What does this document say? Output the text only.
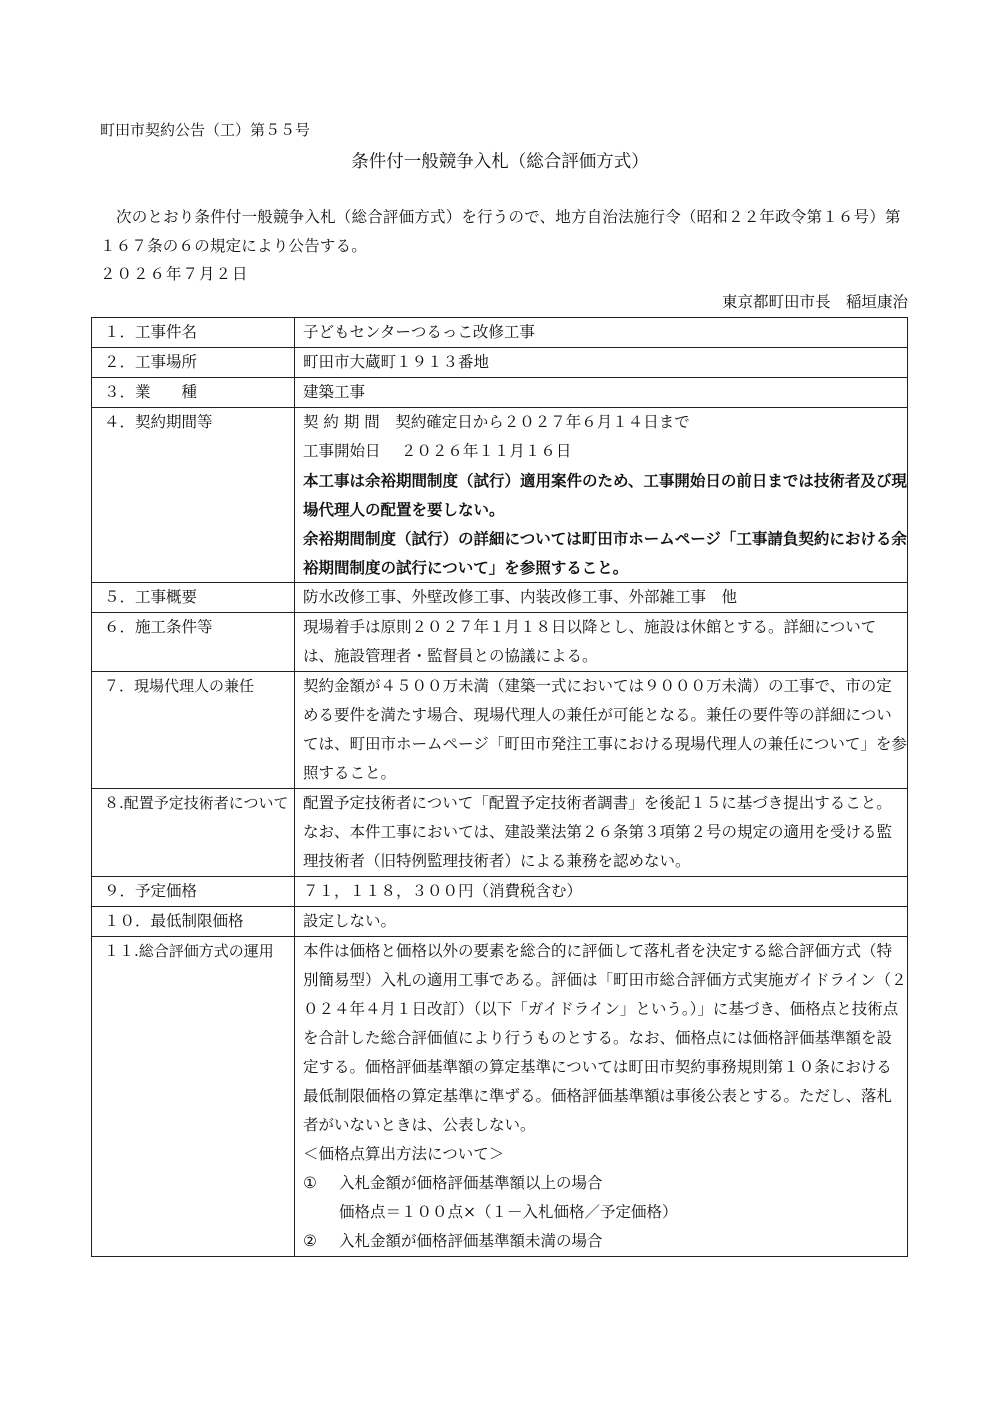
町田市契約公告（工）第５５号
条件付一般競争入札（総合評価方式）
次のとおり条件付一般競争入札（総合評価方式）を行うので、地方自治法施行令（昭和２２年政令第１６号）第１６７条の６の規定により公告する。
２０２６年７月２日
東京都町田市長　稲垣康治
１．工事件名	子どもセンターつるっこ改修工事
２．工事場所	町田市大蔵町１９１３番地
３．業　　種	建築工事
４．契約期間等	契 約 期 間　契約確定日から２０２７年６月１４日まで
工事開始日　 ２０２６年１１月１６日
本工事は余裕期間制度（試行）適用案件のため、工事開始日の前日までは技術者及び現場代理人の配置を要しない。
余裕期間制度（試行）の詳細については町田市ホームページ「工事請負契約における余裕期間制度の試行について」を参照すること。

５．工事概要	防水改修工事、外壁改修工事、内装改修工事、外部雑工事　他
６．施工条件等	現場着手は原則２０２７年１月１８日以降とし、施設は休館とする。詳細については、施設管理者・監督員との協議による。
７．現場代理人の兼任	契約金額が４５００万未満（建築一式においては９０００万未満）の工事で、市の定める要件を満たす場合、現場代理人の兼任が可能となる。兼任の要件等の詳細については、町田市ホームページ「町田市発注工事における現場代理人の兼任について」を参照すること。
８.配置予定技術者について	配置予定技術者について「配置予定技術者調書」を後記１５に基づき提出すること。
なお、本件工事においては、建設業法第２６条第３項第２号の規定の適用を受ける監理技術者（旧特例監理技術者）による兼務を認めない。

９．予定価格	７１，１１８，３００円（消費税含む）
１０．最低制限価格	設定しない。
１１.総合評価方式の運用	本件は価格と価格以外の要素を総合的に評価して落札者を決定する総合評価方式（特別簡易型）入札の適用工事である。評価は「町田市総合評価方式実施ガイドライン（２０２４年４月１日改訂）（以下「ガイドライン」という。）」に基づき、価格点と技術点を合計した総合評価値により行うものとする。なお、価格点には価格評価基準額を設定する。価格評価基準額の算定基準については町田市契約事務規則第１０条における最低制限価格の算定基準に準ずる。価格評価基準額は事後公表とする。ただし、落札者がいないときは、公表しない。
＜価格点算出方法について＞
① 入札金額が価格評価基準額以上の場合
価格点＝１００点×（１－入札価格／予定価格）
② 入札金額が価格評価基準額未満の場合
